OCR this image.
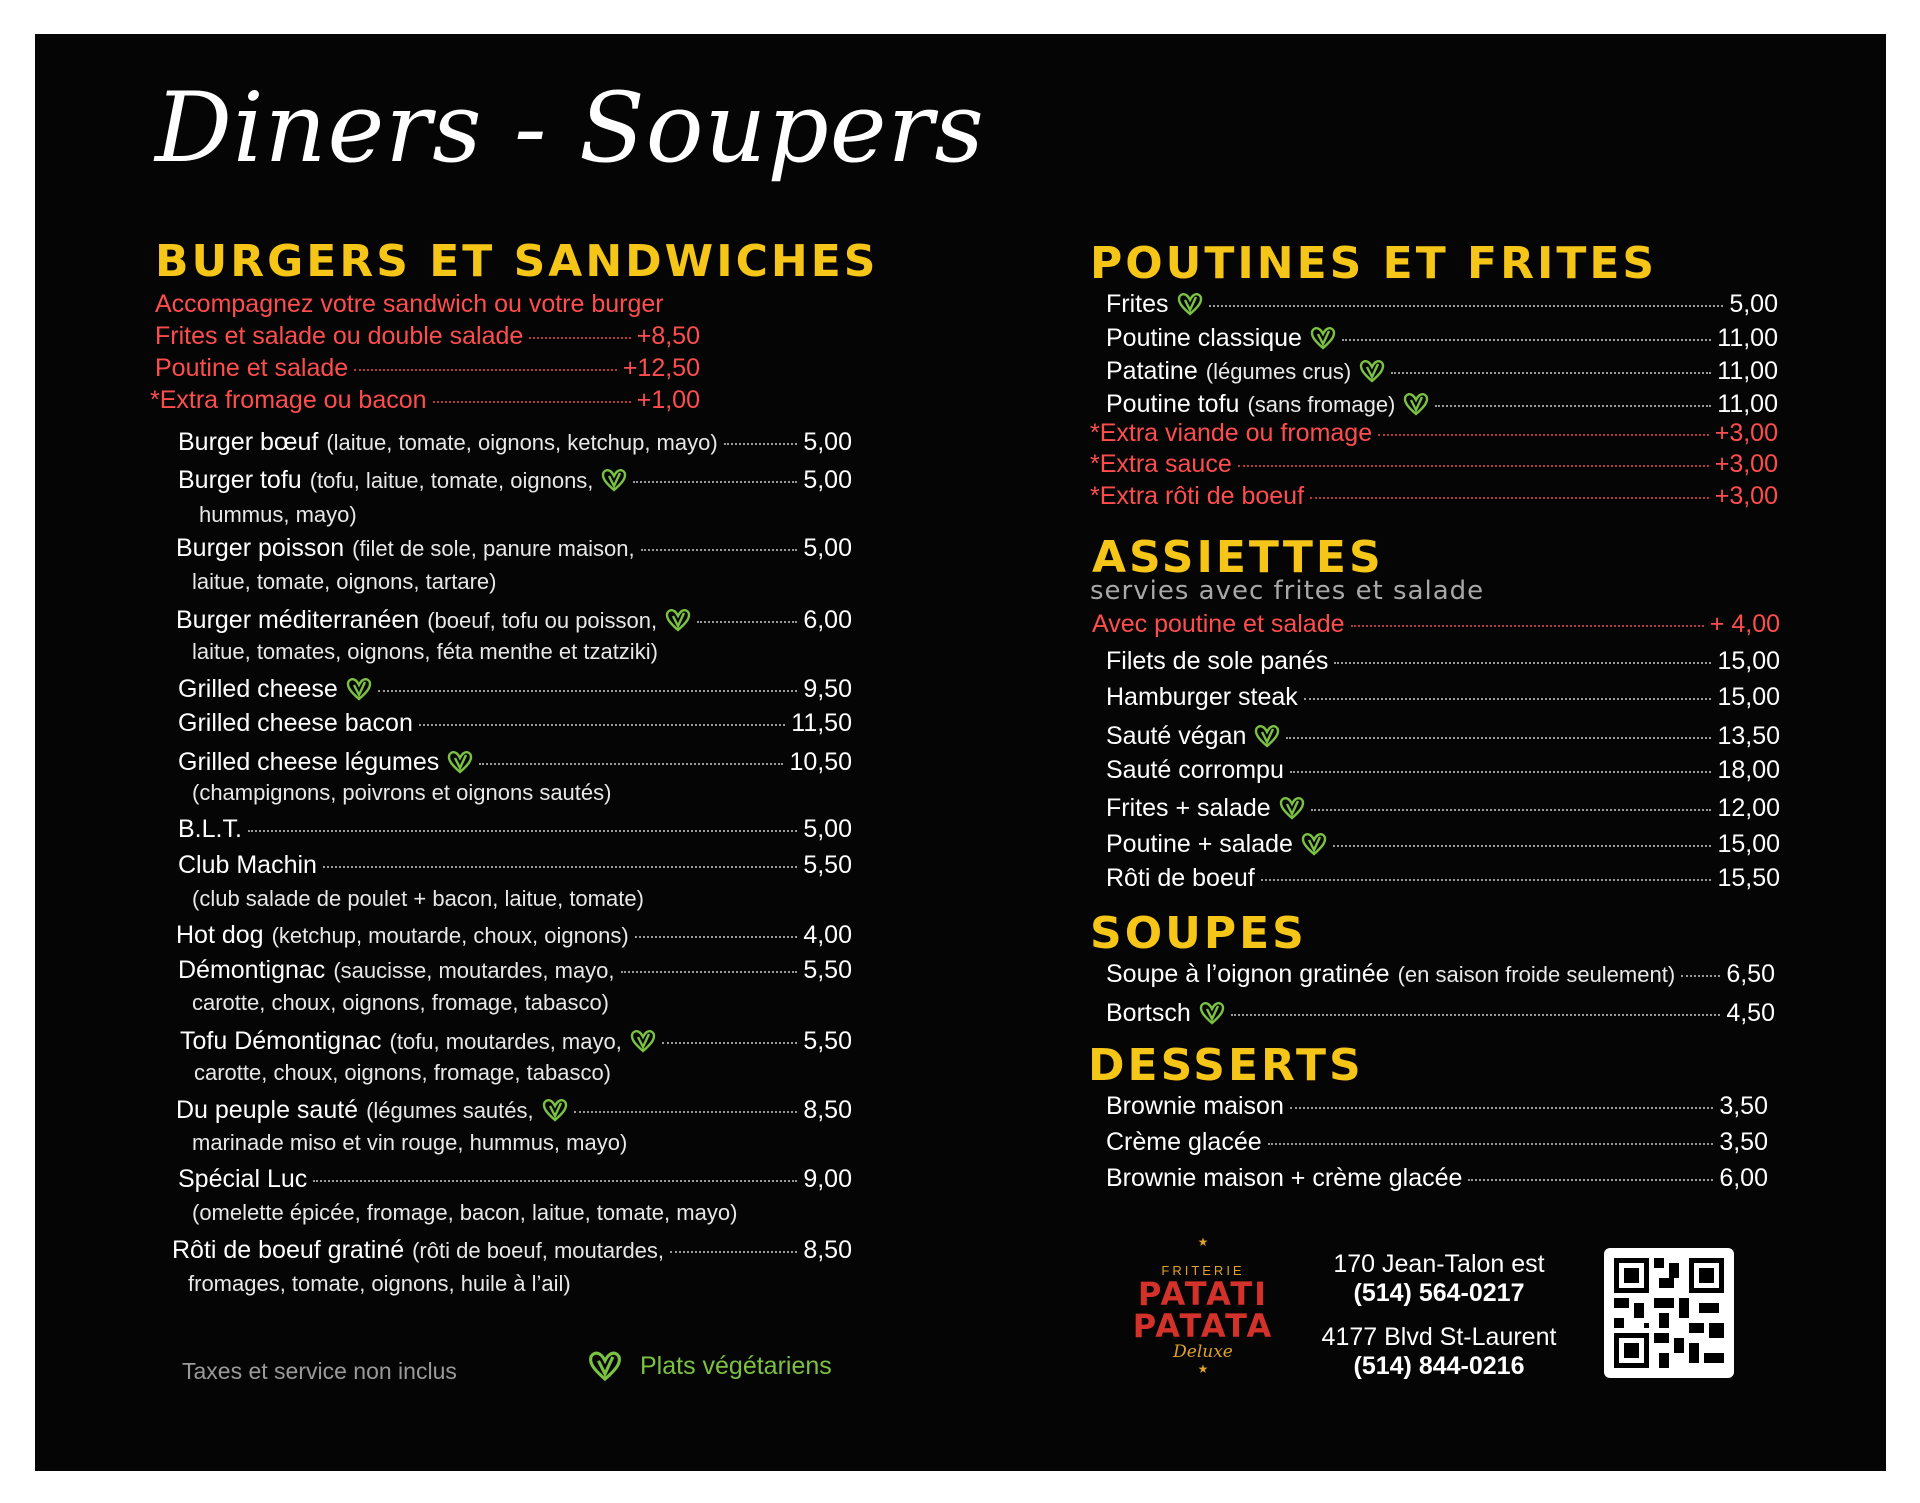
Diners - Soupers
BURGERS ET SANDWICHES
Accompagnez votre sandwich ou votre burger
Frites et salade ou double salade	+8,50
Poutine et salade	+12,50
*Extra fromage ou bacon	+1,00
Burger bœuf (laitue, tomate, oignons, ketchup, mayo)	5,00
Burger tofu (tofu, laitue, tomate, oignons,	5,00
hummus, mayo)
Burger poisson (filet de sole, panure maison,	5,00
laitue, tomate, oignons, tartare)
Burger méditerranéen (boeuf, tofu ou poisson,	6,00
laitue, tomates, oignons, féta menthe et tzatziki)
Grilled cheese	9,50
Grilled cheese bacon	11,50
Grilled cheese légumes	10,50
(champignons, poivrons et oignons sautés)
B.L.T.	5,00
Club Machin	5,50
(club salade de poulet + bacon, laitue, tomate)
Hot dog (ketchup, moutarde, choux, oignons)	4,00
Démontignac (saucisse, moutardes, mayo,	5,50
carotte, choux, oignons, fromage, tabasco)
Tofu Démontignac (tofu, moutardes, mayo,	5,50
carotte, choux, oignons, fromage, tabasco)
Du peuple sauté (légumes sautés,	8,50
marinade miso et vin rouge, hummus, mayo)
Spécial Luc	9,00
(omelette épicée, fromage, bacon, laitue, tomate, mayo)
Rôti de boeuf gratiné (rôti de boeuf, moutardes,	8,50
fromages, tomate, oignons, huile à l’ail)
Taxes et service non inclus	Plats végétariens
POUTINES ET FRITES
Frites	5,00
Poutine classique	11,00
Patatine (légumes crus)	11,00
Poutine tofu (sans fromage)	11,00
*Extra viande ou fromage	+3,00
*Extra sauce	+3,00
*Extra rôti de boeuf	+3,00
ASSIETTES
servies avec frites et salade
Avec poutine et salade	+ 4,00
Filets de sole panés	15,00
Hamburger steak	15,00
Sauté végan	13,50
Sauté corrompu	18,00
Frites + salade	12,00
Poutine + salade	15,00
Rôti de boeuf	15,50
SOUPES
Soupe à l’oignon gratinée (en saison froide seulement) 6,50
Bortsch	4,50
DESSERTS
Brownie maison	3,50
Crème glacée	3,50
Brownie maison + crème glacée	6,00
★
FRITERIE
PATATI
PATATA
Deluxe
★
170 Jean-Talon est
(514) 564-0217
4177 Blvd St-Laurent
(514) 844-0216
